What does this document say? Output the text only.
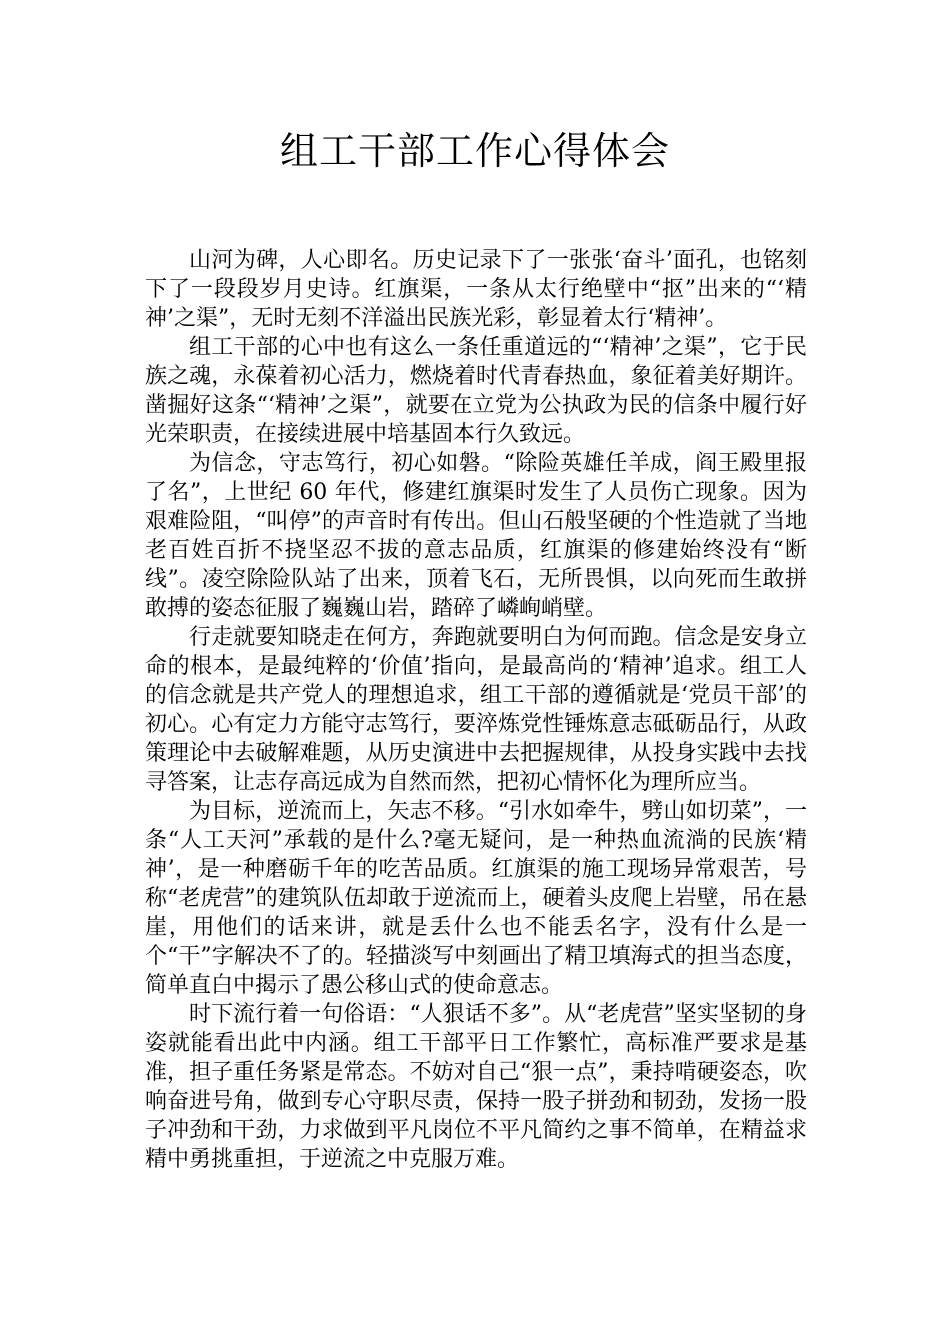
组工干部工作心得体会

山河为碑，人心即名。历史记录下了一张张‘奋斗’面孔，也铭刻下了一段段岁月史诗。红旗渠，一条从太行绝壁中“抠”出来的“‘精神’之渠”，无时无刻不洋溢出民族光彩，彰显着太行‘精神’。

组工干部的心中也有这么一条任重道远的“‘精神’之渠”，它于民族之魂，永葆着初心活力，燃烧着时代青春热血，象征着美好期许。凿掘好这条“‘精神’之渠”，就要在立党为公执政为民的信条中履行好光荣职责，在接续进展中培基固本行久致远。

为信念，守志笃行，初心如磐。“除险英雄任羊成，阎王殿里报了名”，上世纪 60 年代，修建红旗渠时发生了人员伤亡现象。因为艰难险阻，“叫停”的声音时有传出。但山石般坚硬的个性造就了当地老百姓百折不挠坚忍不拔的意志品质，红旗渠的修建始终没有“断线”。凌空除险队站了出来，顶着飞石，无所畏惧，以向死而生敢拼敢搏的姿态征服了巍巍山岩，踏碎了嶙峋峭壁。

行走就要知晓走在何方，奔跑就要明白为何而跑。信念是安身立命的根本，是最纯粹的‘价值’指向，是最高尚的‘精神’追求。组工人的信念就是共产党人的理想追求，组工干部的遵循就是‘党员干部’的初心。心有定力方能守志笃行，要淬炼党性锤炼意志砥砺品行，从政策理论中去破解难题，从历史演进中去把握规律，从投身实践中去找寻答案，让志存高远成为自然而然，把初心情怀化为理所应当。

为目标，逆流而上，矢志不移。“引水如牵牛，劈山如切菜”，一条“人工天河”承载的是什么?毫无疑问，是一种热血流淌的民族‘精神’，是一种磨砺千年的吃苦品质。红旗渠的施工现场异常艰苦，号称“老虎营”的建筑队伍却敢于逆流而上，硬着头皮爬上岩壁，吊在悬崖，用他们的话来讲，就是丢什么也不能丢名字，没有什么是一个“干”字解决不了的。轻描淡写中刻画出了精卫填海式的担当态度，简单直白中揭示了愚公移山式的使命意志。

时下流行着一句俗语：“人狠话不多”。从“老虎营”坚实坚韧的身姿就能看出此中内涵。组工干部平日工作繁忙，高标准严要求是基准，担子重任务紧是常态。不妨对自己“狠一点”，秉持啃硬姿态，吹响奋进号角，做到专心守职尽责，保持一股子拼劲和韧劲，发扬一股子冲劲和干劲，力求做到平凡岗位不平凡简约之事不简单，在精益求精中勇挑重担，于逆流之中克服万难。
